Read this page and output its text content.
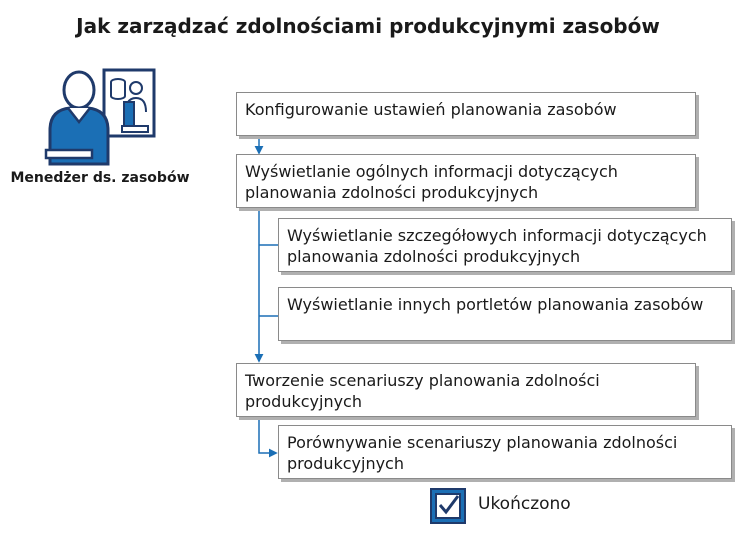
Jak zarządzać zdolnościami produkcyjnymi zasobów
Menedżer ds. zasobów
Konfigurowanie ustawień planowania zasobów
Wyświetlanie ogólnych informacji dotyczących planowania zdolności produkcyjnych
Wyświetlanie szczegółowych informacji dotyczących planowania zdolności produkcyjnych
Wyświetlanie innych portletów planowania zasobów
Tworzenie scenariuszy planowania zdolności produkcyjnych
Porównywanie scenariuszy planowania zdolności produkcyjnych
Ukończono
